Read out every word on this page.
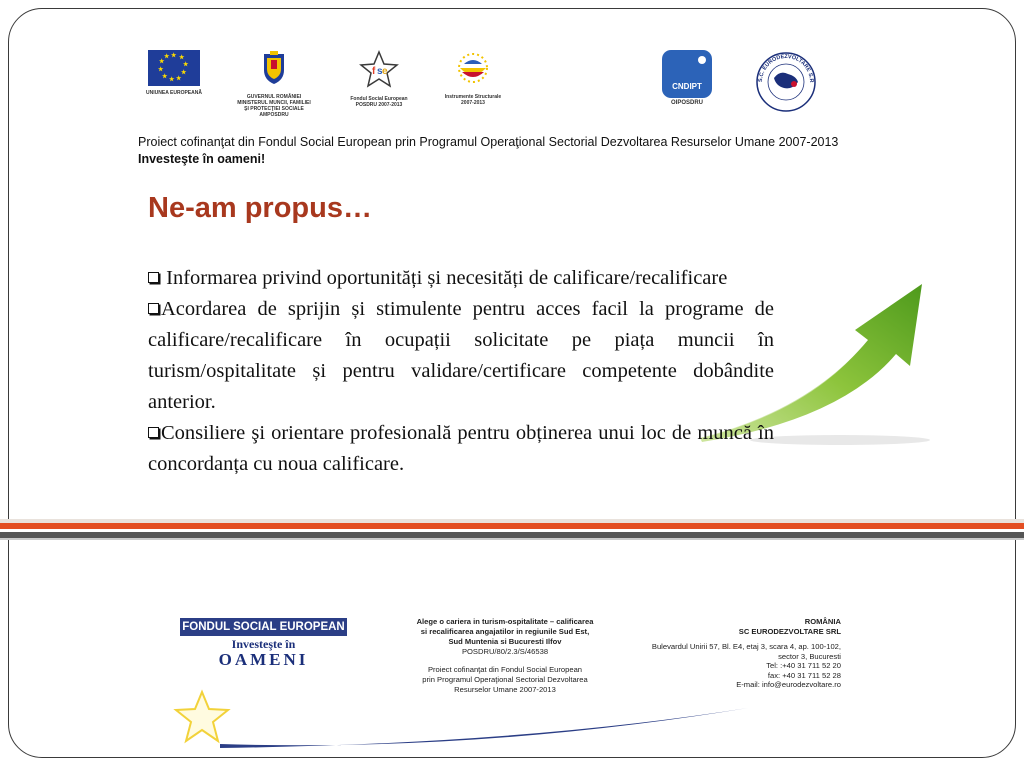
★ ★
★
★
★
★
★
★
★
★
UNIUNEA EUROPEANĂ
GUVERNUL ROMÂNIEI
MINISTERUL MUNCII, FAMILIEI
ŞI PROTECŢIEI SOCIALE
AMPOSDRU
f s e
Fondul Social European
POSDRU 2007-2013
Instrumente Structurale
2007-2013
CNDIPT
OIPOSDRU
S.C. EURODEZVOLTARE S.R
Proiect cofinanţat din Fondul Social European prin Programul Operaţional Sectorial Dezvoltarea Resurselor Umane 2007-2013
Investeşte în oameni!
Ne-am propus…

Informarea privind oportunități și necesități de calificare/recalificare

Acordarea de sprijin și stimulente pentru acces facil la programe de calificare/recalificare în ocupații solicitate pe piața muncii în turism/ospitalitate și pentru validare/certificare competente dobândite anterior.

Consiliere şi orientare profesională pentru obținerea unui loc de muncă în concordanța cu noua calificare.

FONDUL SOCIAL EUROPEAN
Investeşte în
OAMENI
Alege o cariera in turism-ospitalitate – calificarea
si recalificarea angajatilor in regiunile Sud Est,
Sud Muntenia si Bucuresti Ilfov
POSDRU/80/2.3/S/46538
Proiect cofinanţat din Fondul Social European
prin Programul Operaţional Sectorial Dezvoltarea
Resurselor Umane 2007-2013
ROMÂNIA
SC EURODEZVOLTARE SRL
Bulevardul Unirii 57, Bl. E4, etaj 3, scara 4, ap. 100-102,
sector 3, Bucuresti
Tel: :+40 31 711 52 20
fax: +40 31 711 52 28
E-mail: info@eurodezvoltare.ro
